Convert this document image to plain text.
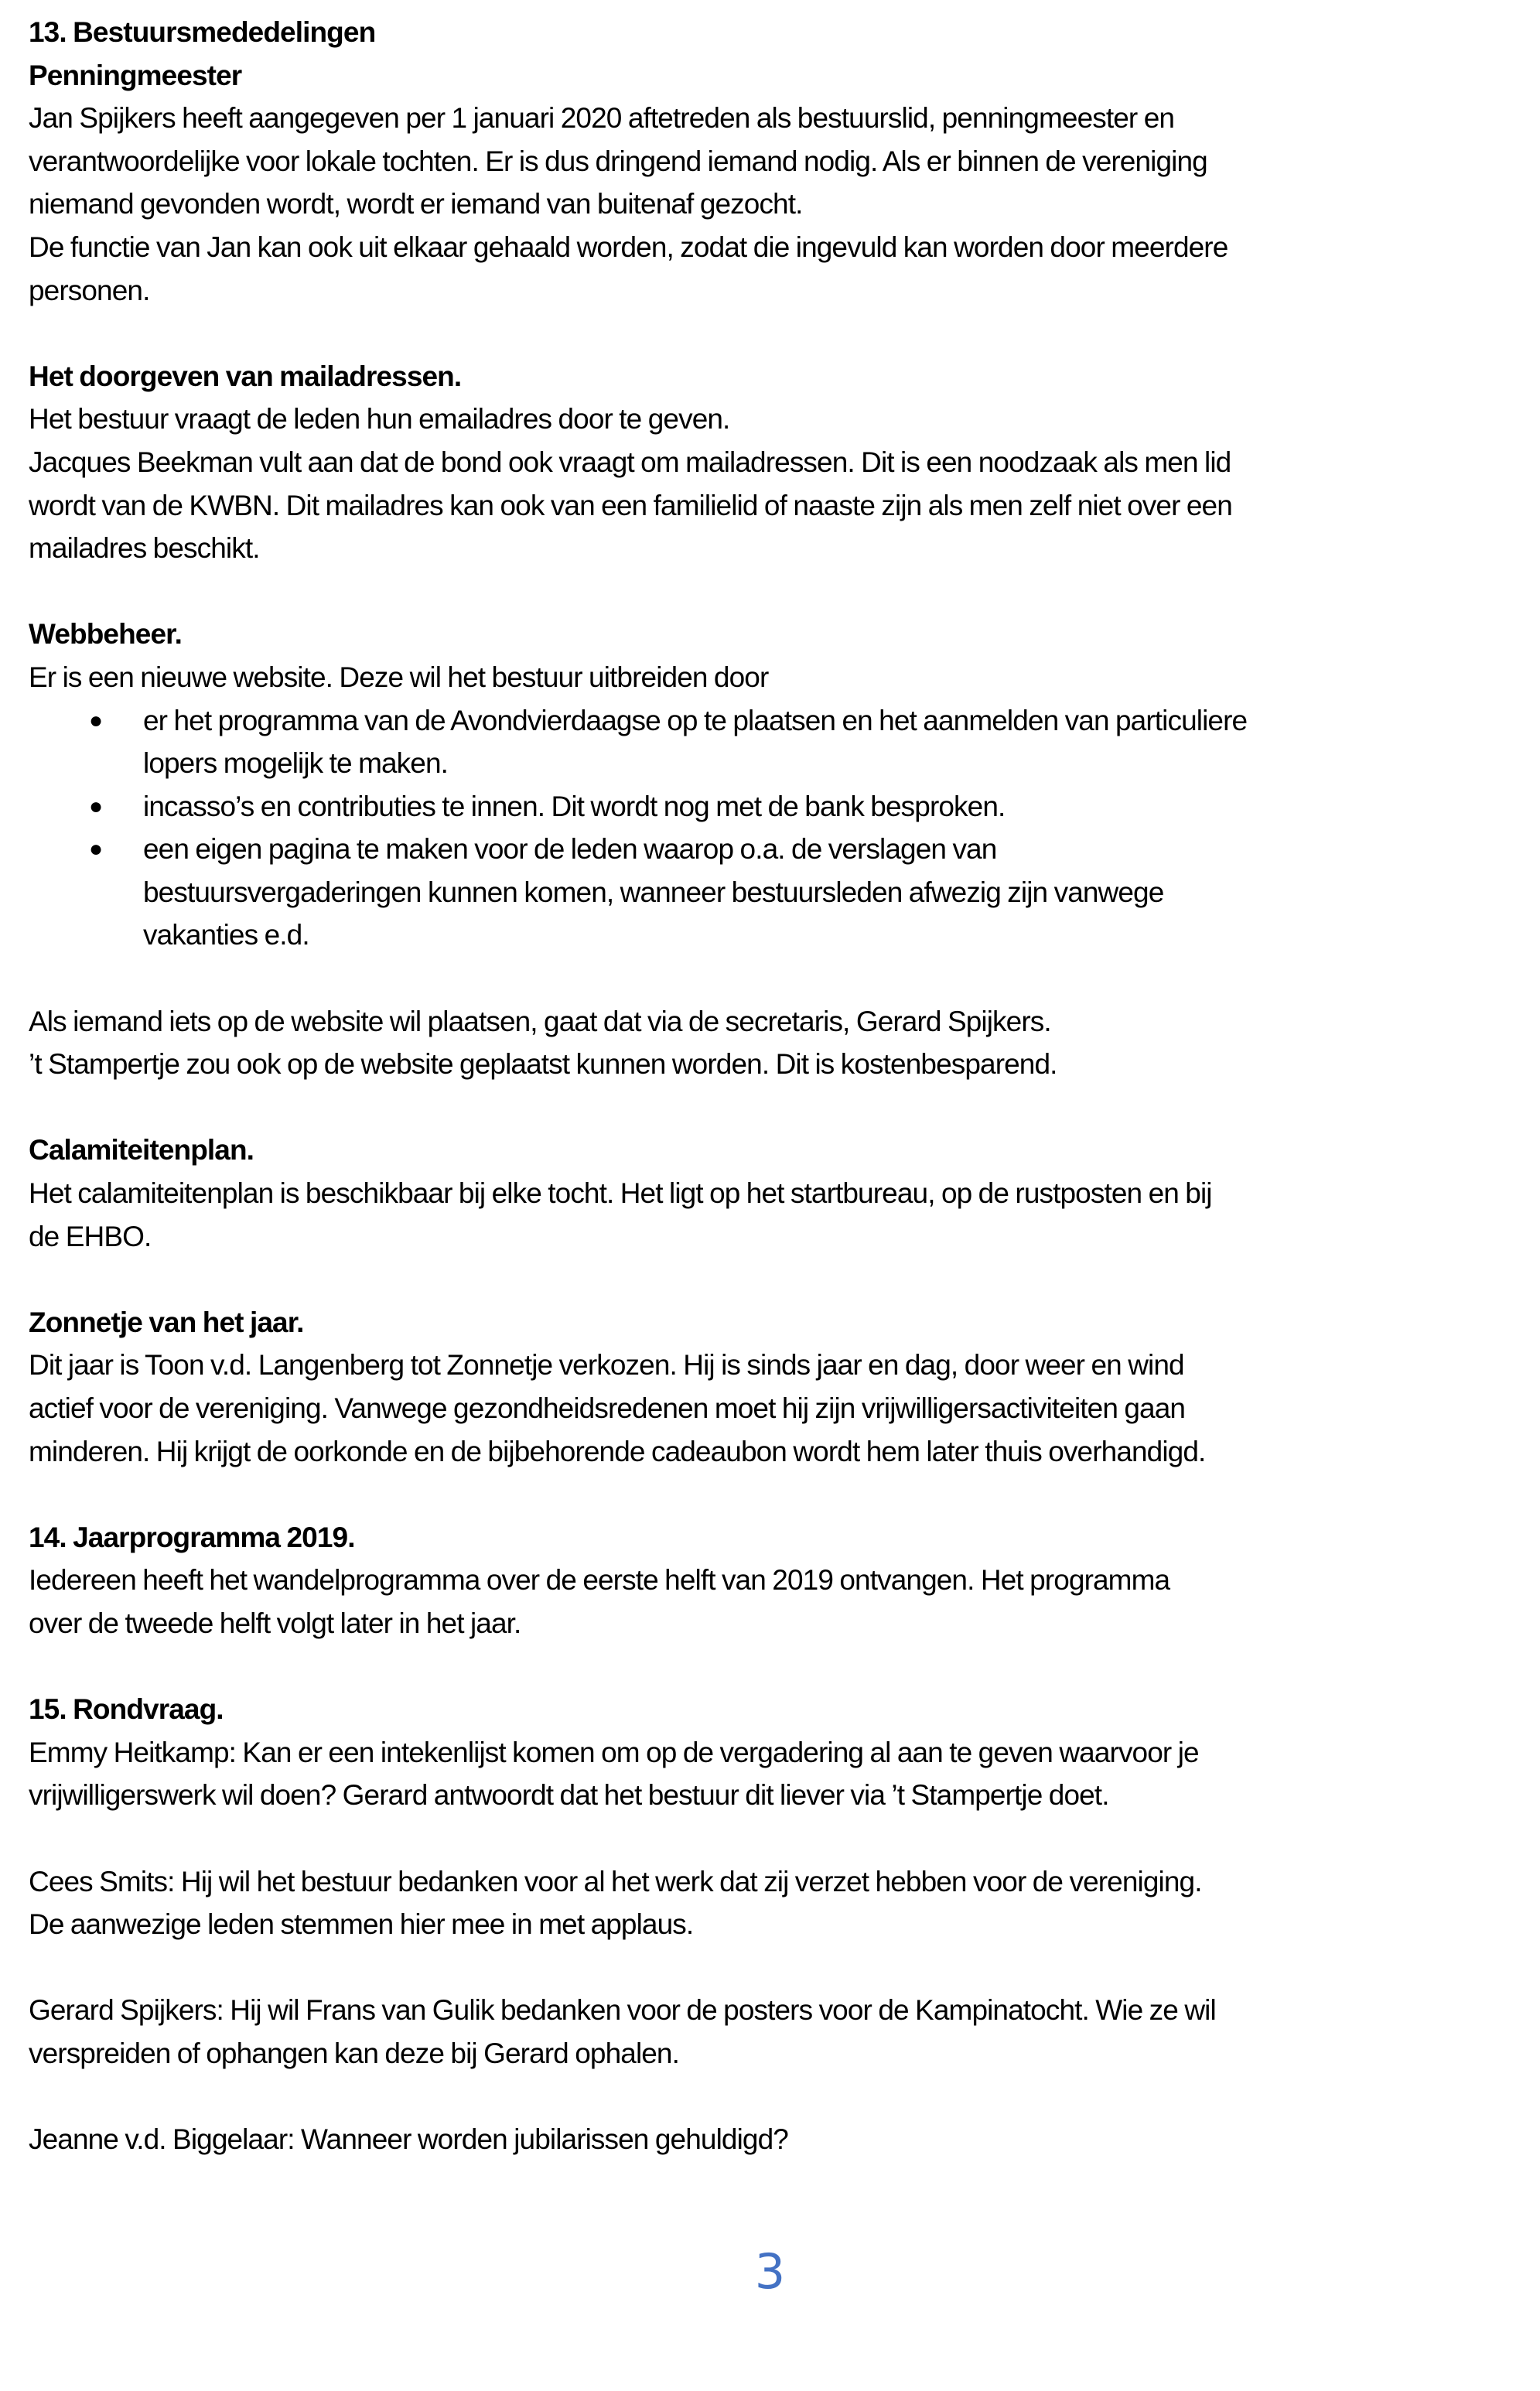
13. Bestuursmededelingen
Penningmeester
Jan Spijkers heeft aangegeven per 1 januari 2020 aftetreden als bestuurslid, penningmeester en
verantwoordelijke voor lokale tochten. Er is dus dringend iemand nodig. Als er binnen de vereniging
niemand gevonden wordt, wordt er iemand van buitenaf gezocht.
De functie van Jan kan ook uit elkaar gehaald worden, zodat die ingevuld kan worden door meerdere
personen.
Het doorgeven van mailadressen.
Het bestuur vraagt de leden hun emailadres door te geven.
Jacques Beekman vult aan dat de bond ook vraagt om mailadressen. Dit is een noodzaak als men lid
wordt van de KWBN. Dit mailadres kan ook van een familielid of naaste zijn als men zelf niet over een
mailadres beschikt.
Webbeheer.
Er is een nieuwe website. Deze wil het bestuur uitbreiden door
● er het programma van de Avondvierdaagse op te plaatsen en het aanmelden van particuliere
lopers mogelijk te maken.
● incasso’s en contributies te innen. Dit wordt nog met de bank besproken.
● een eigen pagina te maken voor de leden waarop o.a. de verslagen van
bestuursvergaderingen kunnen komen, wanneer bestuursleden afwezig zijn vanwege
vakanties e.d.
Als iemand iets op de website wil plaatsen, gaat dat via de secretaris, Gerard Spijkers.
’t Stampertje zou ook op de website geplaatst kunnen worden. Dit is kostenbesparend.
Calamiteitenplan.
Het calamiteitenplan is beschikbaar bij elke tocht. Het ligt op het startbureau, op de rustposten en bij
de EHBO.
Zonnetje van het jaar.
Dit jaar is Toon v.d. Langenberg tot Zonnetje verkozen. Hij is sinds jaar en dag, door weer en wind
actief voor de vereniging. Vanwege gezondheidsredenen moet hij zijn vrijwilligersactiviteiten gaan
minderen. Hij krijgt de oorkonde en de bijbehorende cadeaubon wordt hem later thuis overhandigd.
14. Jaarprogramma 2019.
Iedereen heeft het wandelprogramma over de eerste helft van 2019 ontvangen. Het programma
over de tweede helft volgt later in het jaar.
15. Rondvraag.
Emmy Heitkamp: Kan er een intekenlijst komen om op de vergadering al aan te geven waarvoor je
vrijwilligerswerk wil doen? Gerard antwoordt dat het bestuur dit liever via ’t Stampertje doet.
Cees Smits: Hij wil het bestuur bedanken voor al het werk dat zij verzet hebben voor de vereniging.
De aanwezige leden stemmen hier mee in met applaus.
Gerard Spijkers: Hij wil Frans van Gulik bedanken voor de posters voor de Kampinatocht. Wie ze wil
verspreiden of ophangen kan deze bij Gerard ophalen.
Jeanne v.d. Biggelaar: Wanneer worden jubilarissen gehuldigd?
3
